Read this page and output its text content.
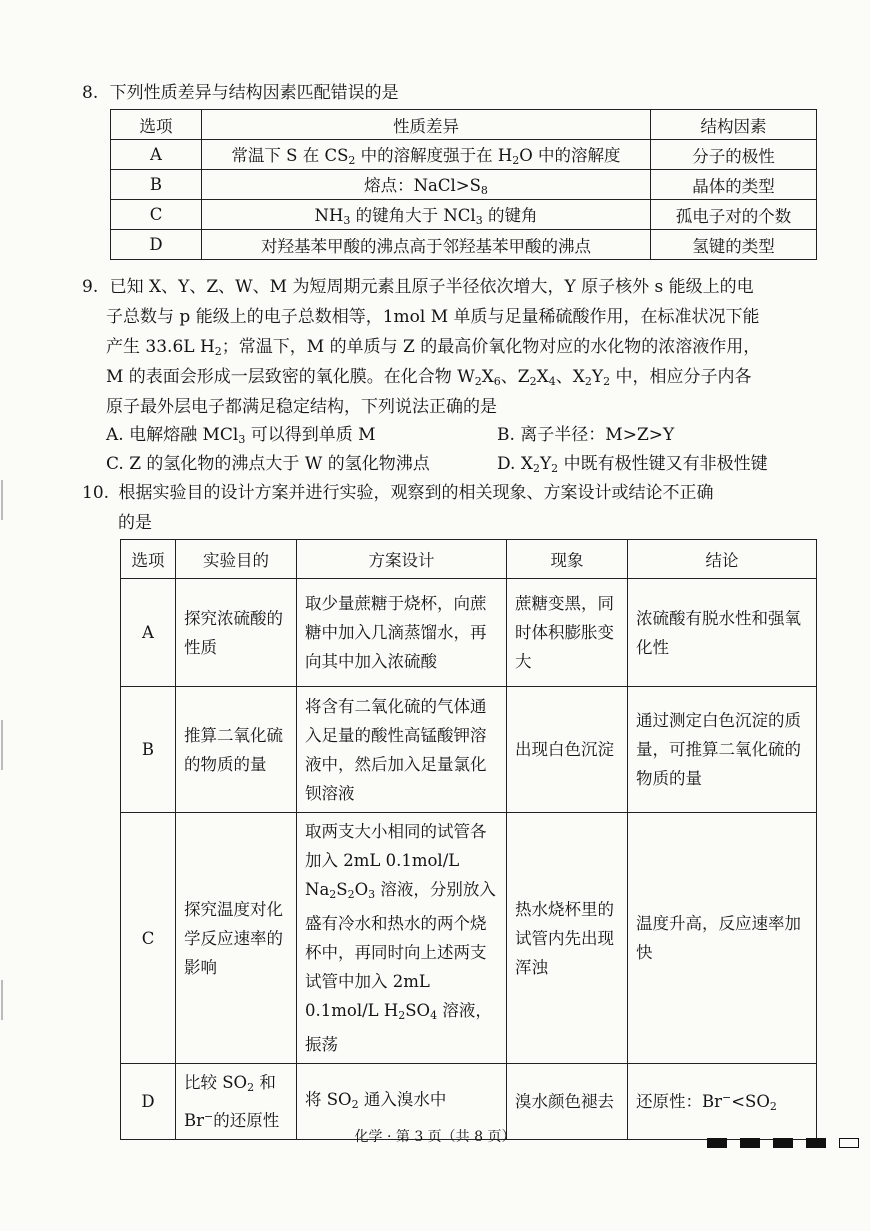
8. 下列性质差异与结构因素匹配错误的是
选项	性质差异	结构因素
A	常温下 S 在 $CS_2$ 中的溶解度强于在 $H_2O$ 中的溶解度	分子的极性
B	熔点：$NaCl>S_8$	晶体的类型
C	$NH_3$ 的键角大于 NCl$_3$ 的键角	孤电子对的个数
D	对羟基苯甲酸的沸点高于邻羟基苯甲酸的沸点	氢键的类型
9. 已知 X、Y、Z、W、M 为短周期元素且原子半径依次增大，Y 原子核外 s 能级上的电
子总数与 p 能级上的电子总数相等，1mol M 单质与足量稀硫酸作用，在标准状况下能
产生 33.6L $H_2$；常温下，M 的单质与 Z 的最高价氧化物对应的水化物的浓溶液作用，
M 的表面会形成一层致密的氧化膜。在化合物 $W_2X_6$、$Z_2X_4$、$X_2Y_2$ 中，相应分子内各
原子最外层电子都满足稳定结构，下列说法正确的是
A. 电解熔融 MCl$_3$ 可以得到单质 M	B. 离子半径：M>Z>Y
C. Z 的氢化物的沸点大于 W 的氢化物沸点	D. $X_2Y_2$ 中既有极性键又有非极性键
10. 根据实验目的设计方案并进行实验，观察到的相关现象、方案设计或结论不正确
的是
选项	实验目的	方案设计	现象	结论
A	探究浓硫酸的性质	取少量蔗糖于烧杯，向蔗糖中加入几滴蒸馏水，再向其中加入浓硫酸	蔗糖变黑，同时体积膨胀变大	浓硫酸有脱水性和强氧化性
B	推算二氧化硫的物质的量	将含有二氧化硫的气体通入足量的酸性高锰酸钾溶液中，然后加入足量氯化钡溶液	出现白色沉淀	通过测定白色沉淀的质量，可推算二氧化硫的物质的量
C	探究温度对化学反应速率的影响	取两支大小相同的试管各加入 2mL 0.1mol/L $Na_2S_2O_3$ 溶液，分别放入盛有冷水和热水的两个烧杯中，再同时向上述两支试管中加入 2mL 0.1mol/L $H_2SO_4$ 溶液，振荡	热水烧杯里的试管内先出现浑浊	温度升高，反应速率加快
D	比较 $SO_2$ 和 Br−的还原性	将 $SO_2$ 通入溴水中	溴水颜色褪去	还原性：$Br^-<SO_2$
化学 · 第 3 页（共 8 页）
